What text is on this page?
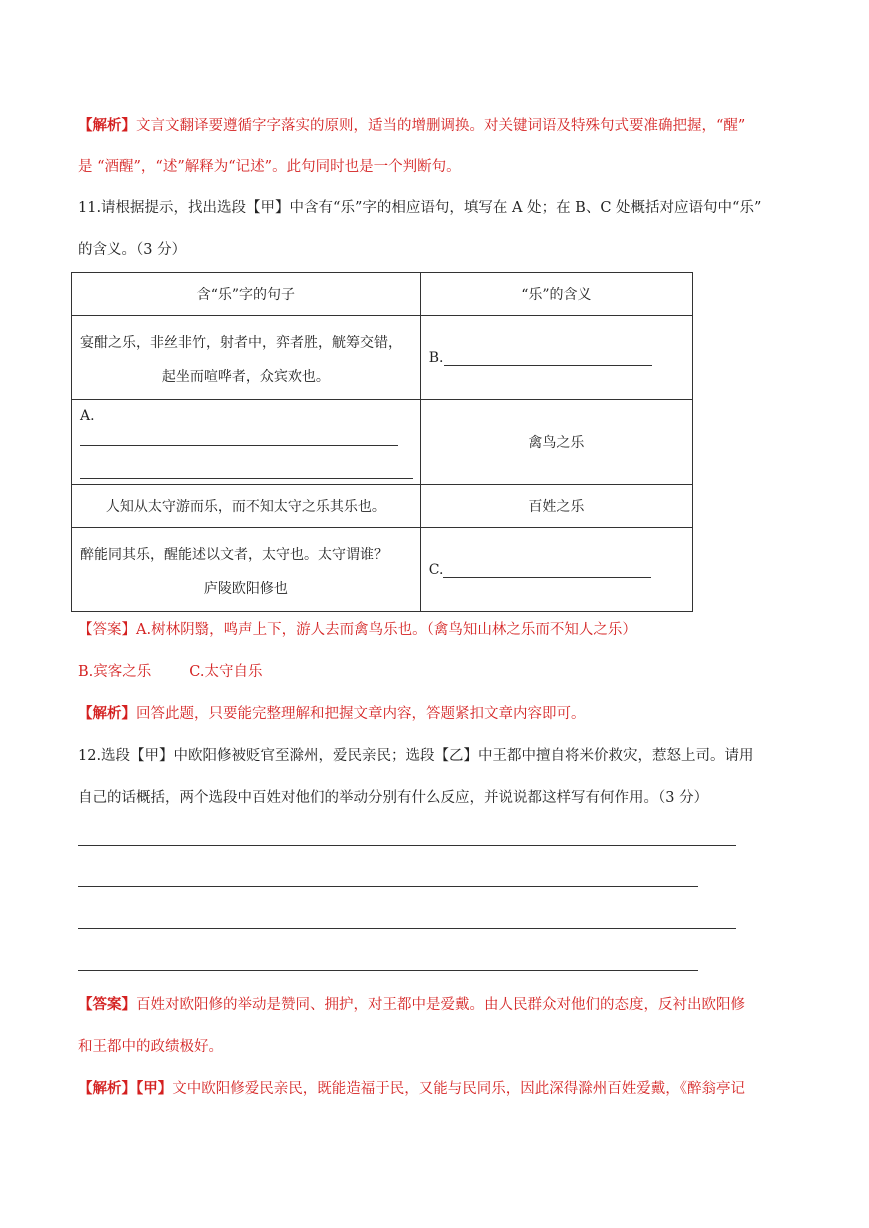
【解析】文言文翻译要遵循字字落实的原则，适当的增删调换。对关键词语及特殊句式要准确把握，“醒”
是 “酒醒”，“述”解释为“记述”。此句同时也是一个判断句。
11.请根据提示，找出选段【甲】中含有“乐”字的相应语句，填写在 A 处；在 B、C 处概括对应语句中“乐”
的含义。（3 分）
含“乐”字的句子	“乐”的含义

宴酣之乐，非丝非竹，射者中，弈者胜，觥筹交错，
起坐而喧哗者，众宾欢也。	B.

A.	禽鸟之乐
人知从太守游而乐，而不知太守之乐其乐也。	百姓之乐

醉能同其乐，醒能述以文者，太守也。太守谓谁？
庐陵欧阳修也	C.
【答案】A.树林阴翳，鸣声上下，游人去而禽鸟乐也。（禽鸟知山林之乐而不知人之乐）
B.宾客之乐	C.太守自乐
【解析】回答此题，只要能完整理解和把握文章内容，答题紧扣文章内容即可。
12.选段【甲】中欧阳修被贬官至滁州，爱民亲民；选段【乙】中王都中擅自将米价救灾，惹怒上司。请用
自己的话概括，两个选段中百姓对他们的举动分别有什么反应，并说说都这样写有何作用。（3 分）
【答案】百姓对欧阳修的举动是赞同、拥护，对王都中是爱戴。由人民群众对他们的态度，反衬出欧阳修
和王都中的政绩极好。
【解析】【甲】文中欧阳修爱民亲民，既能造福于民，又能与民同乐，因此深得滁州百姓爱戴，《醉翁亭记
